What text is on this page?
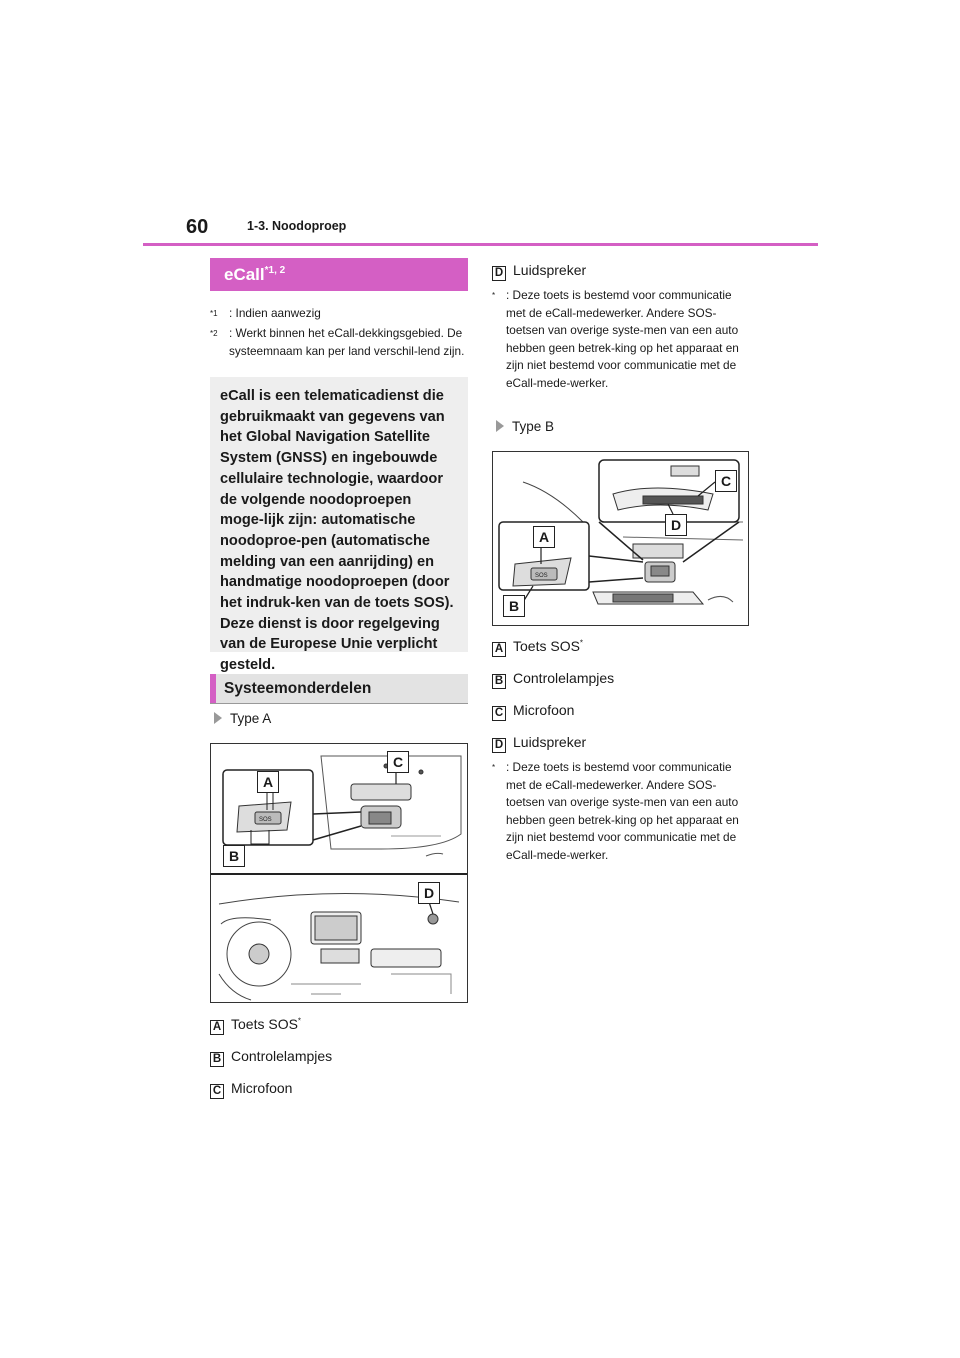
60	1-3. Noodoproep
eCall$^{*1, 2}$
*1 : Indien aanwezig
*2 : Werkt binnen het eCall-dekkingsgebied. De systeemnaam kan per land verschil-lend zijn.
eCall is een telematicadienst die gebruikmaakt van gegevens van het Global Navigation Satellite System (GNSS) en ingebouwde cellulaire technologie, waardoor de volgende noodoproepen moge-lijk zijn: automatische noodoproe-pen (automatische melding van een aanrijding) en handmatige noodoproepen (door het indruk-ken van de toets SOS). Deze dienst is door regelgeving van de Europese Unie verplicht gesteld.
Systeemonderdelen
Type A
SOS
A
B
C
D
A Toets SOS*
B Controlelampjes
C Microfoon
D Luidspreker
* : Deze toets is bestemd voor communicatie met de eCall-medewerker. Andere SOS-toetsen van overige syste-men van een auto hebben geen betrek-king op het apparaat en zijn niet bestemd voor communicatie met de eCall-mede-werker.
Type B
SOS
A
B
C
D
A Toets SOS*
B Controlelampjes
C Microfoon
D Luidspreker
* : Deze toets is bestemd voor communicatie met de eCall-medewerker. Andere SOS-toetsen van overige syste-men van een auto hebben geen betrek-king op het apparaat en zijn niet bestemd voor communicatie met de eCall-mede-werker.
